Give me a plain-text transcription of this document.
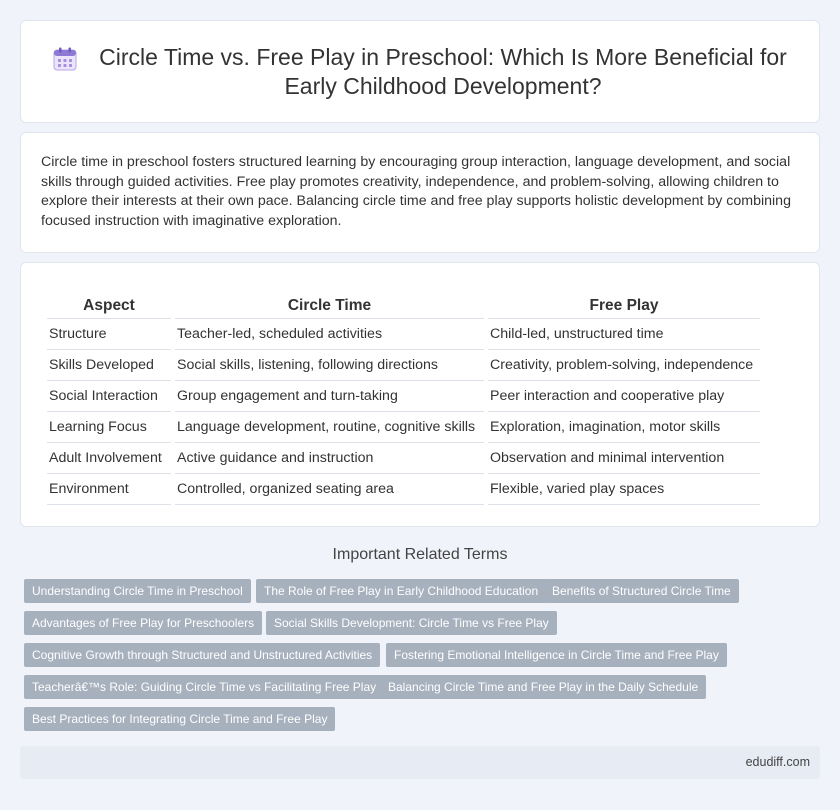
Circle Time vs. Free Play in Preschool: Which Is More Beneficial for Early Childhood Development?

Circle time in preschool fosters structured learning by encouraging group interaction, language development, and social skills through guided activities. Free play promotes creativity, independence, and problem-solving, allowing children to explore their interests at their own pace. Balancing circle time and free play supports holistic development by combining focused instruction with imaginative exploration.

Aspect	Circle Time	Free Play
Structure	Teacher-led, scheduled activities	Child-led, unstructured time
Skills Developed	Social skills, listening, following directions	Creativity, problem-solving, independence
Social Interaction	Group engagement and turn-taking	Peer interaction and cooperative play
Learning Focus	Language development, routine, cognitive skills	Exploration, imagination, motor skills
Adult Involvement	Active guidance and instruction	Observation and minimal intervention
Environment	Controlled, organized seating area	Flexible, varied play spaces
Important Related Terms
Understanding Circle Time in Preschool	The Role of Free Play in Early Childhood Education	Benefits of Structured Circle Time
Advantages of Free Play for Preschoolers	Social Skills Development: Circle Time vs Free Play
Cognitive Growth through Structured and Unstructured Activities	Fostering Emotional Intelligence in Circle Time and Free Play
Teacherâ€™s Role: Guiding Circle Time vs Facilitating Free Play Balancing Circle Time and Free Play in the Daily Schedule
Best Practices for Integrating Circle Time and Free Play
edudiff.com
